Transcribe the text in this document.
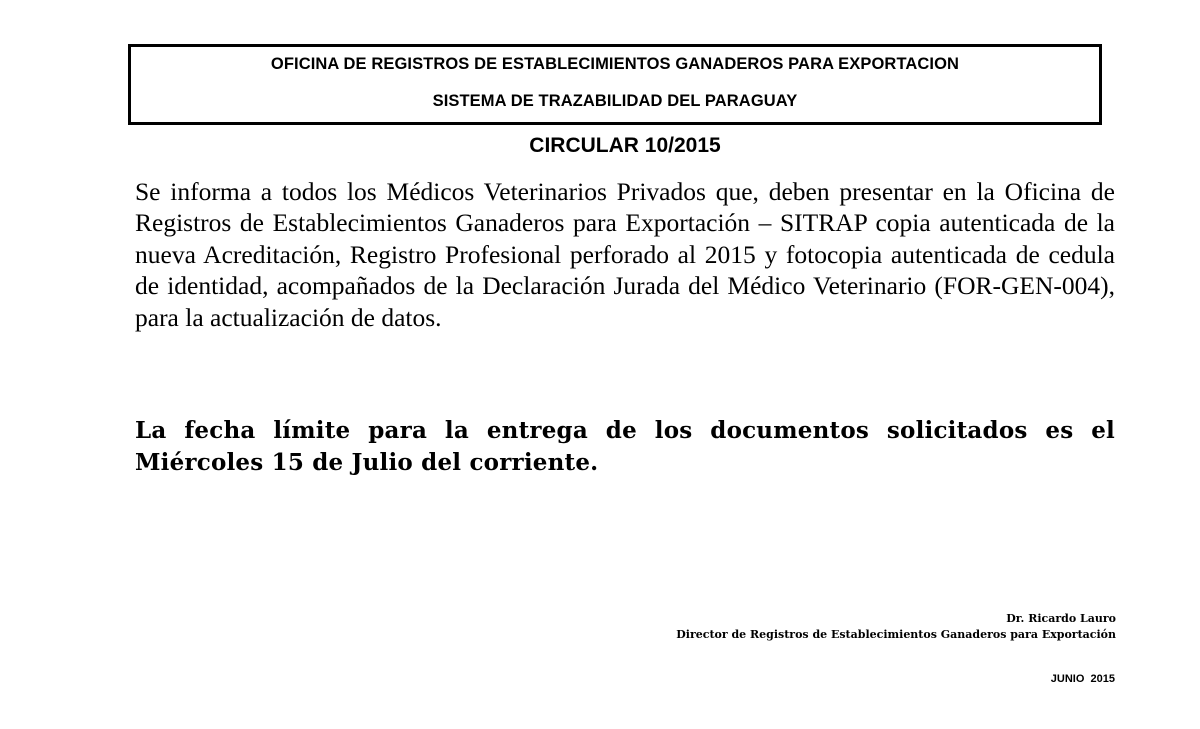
OFICINA DE REGISTROS DE ESTABLECIMIENTOS GANADEROS PARA EXPORTACION
SISTEMA DE TRAZABILIDAD DEL PARAGUAY
CIRCULAR 10/2015

Se informa a todos los Médicos Veterinarios Privados que, deben presentar en la Oficina de Registros de Establecimientos Ganaderos para Exportación – SITRAP copia autenticada de la nueva Acreditación, Registro Profesional perforado al 2015 y fotocopia autenticada de cedula de identidad, acompañados de la Declaración Jurada del Médico Veterinario (FOR-GEN-004), para la actualización de datos.

La fecha límite para la entrega de los documentos solicitados es el Miércoles 15 de Julio del corriente.

Dr. Ricardo Lauro
Director de Registros de Establecimientos Ganaderos para Exportación
JUNIO  2015
